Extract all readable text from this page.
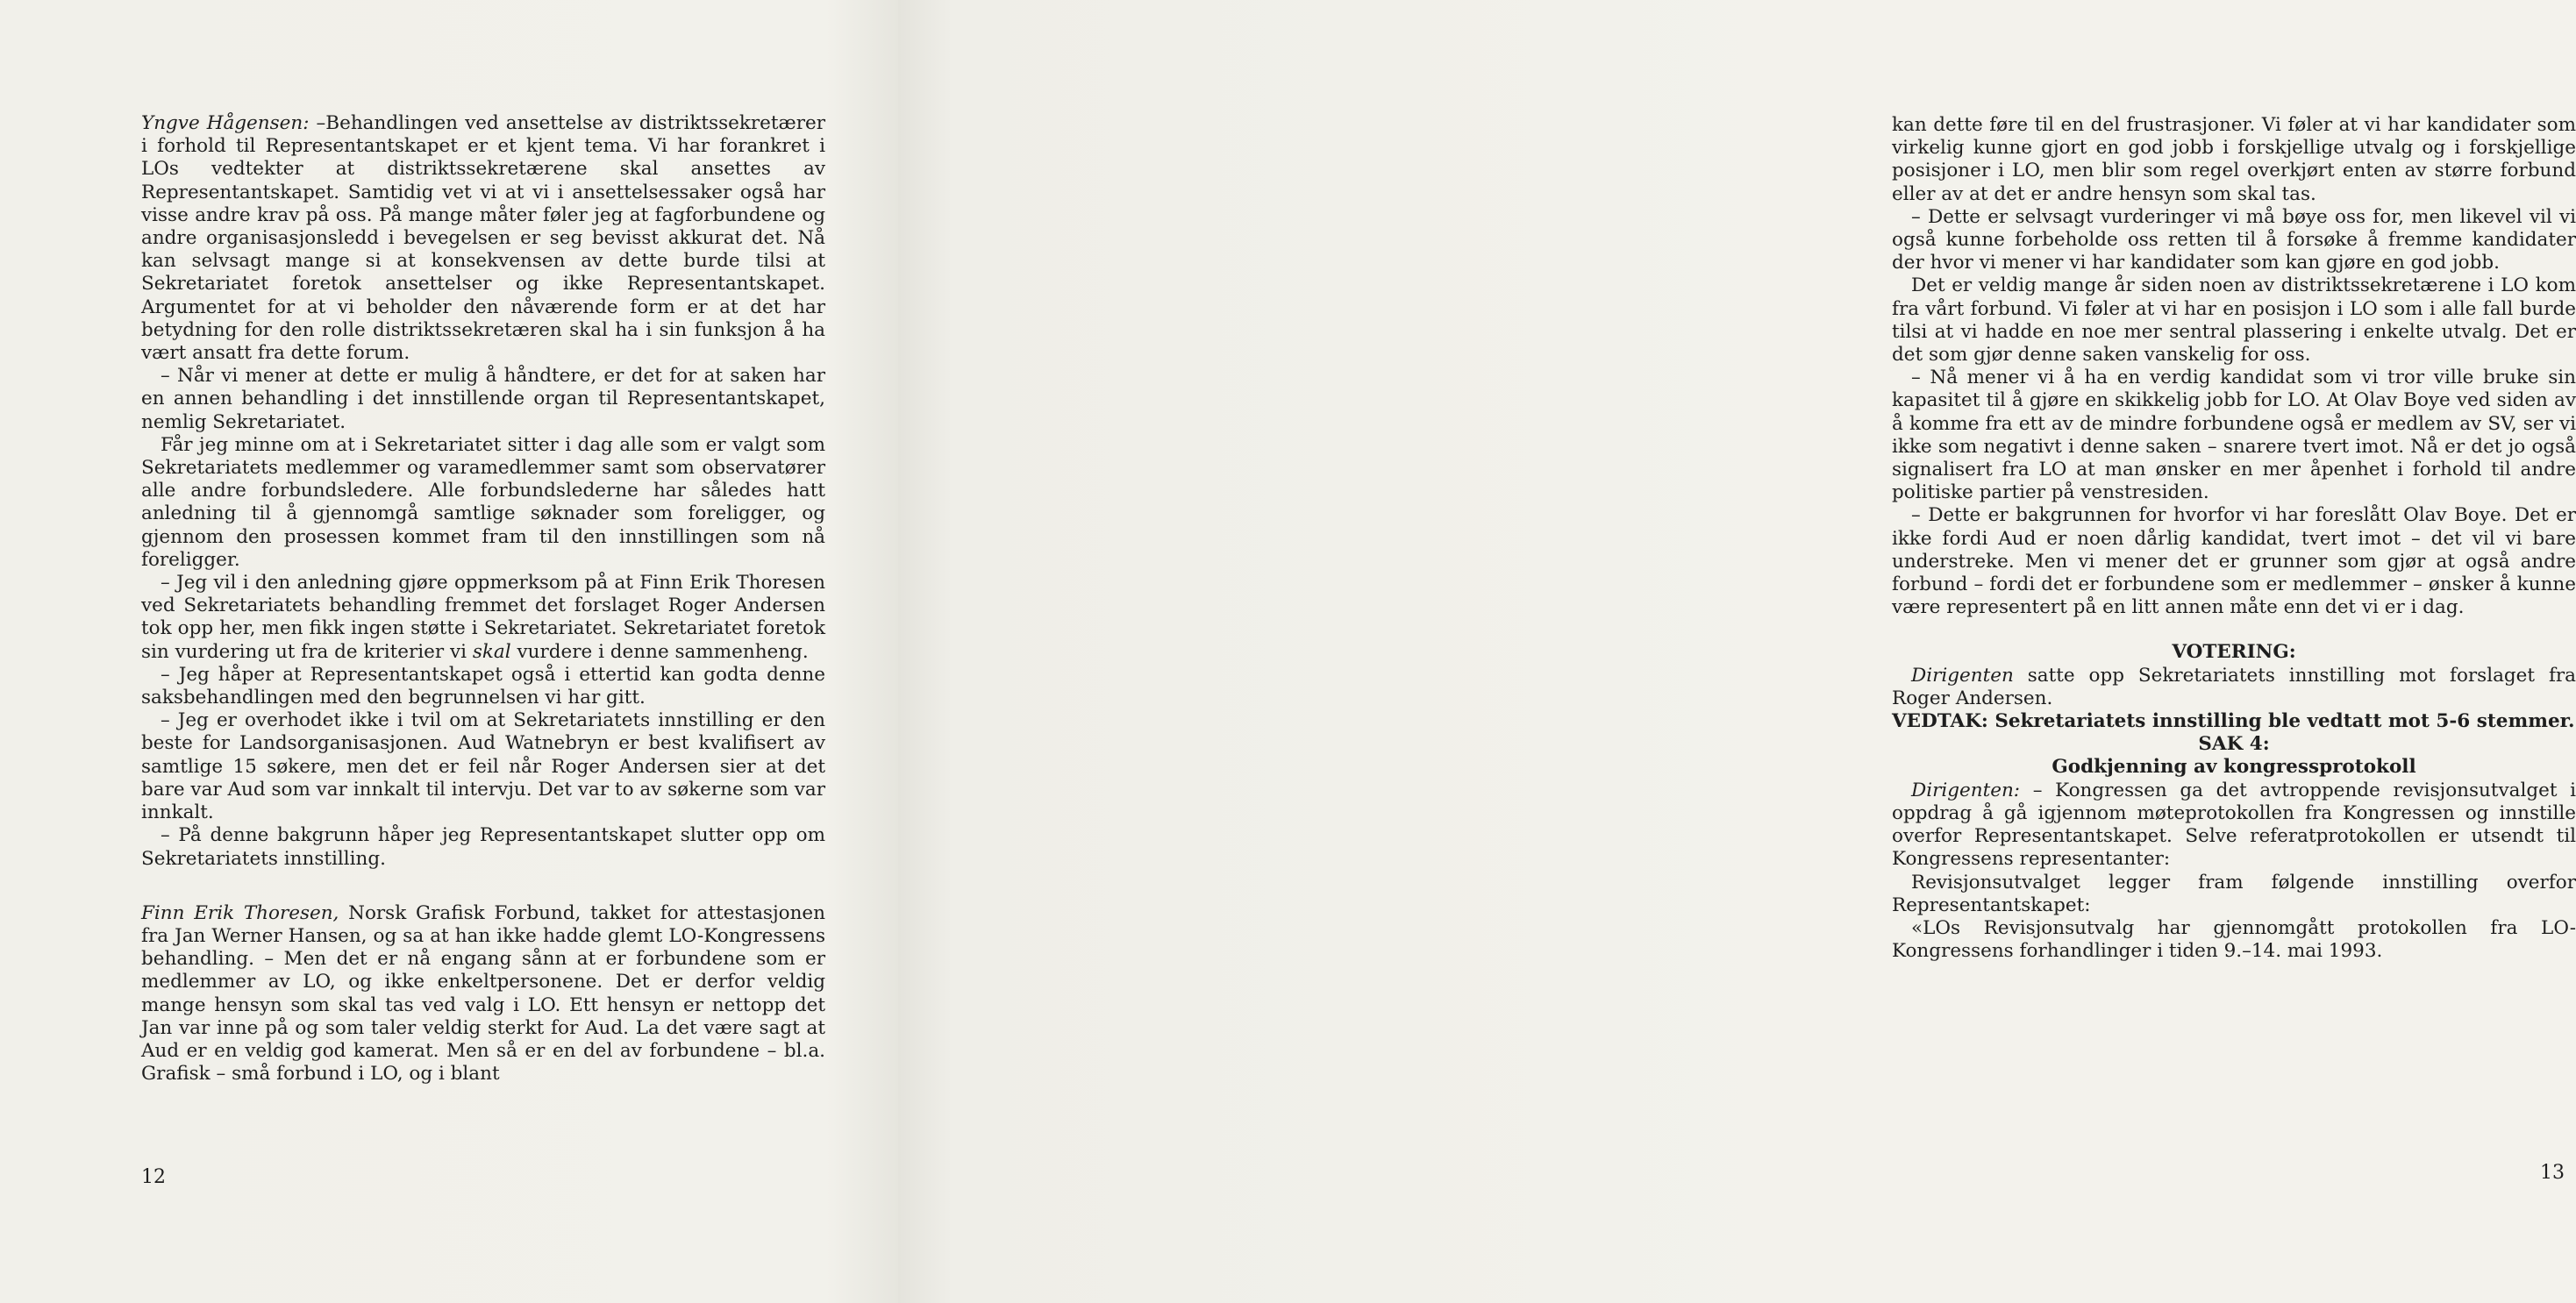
Yngve Hågensen: –Behandlingen ved ansettelse av distriktssekretærer i forhold til Representantskapet er et kjent tema. Vi har forankret i LOs vedtekter at distriktssekretærene skal ansettes av Representantskapet. Samtidig vet vi at vi i ansettelsessaker også har visse andre krav på oss. På mange måter føler jeg at fagforbundene og andre organisasjonsledd i bevegelsen er seg bevisst akkurat det. Nå kan selvsagt mange si at konsekvensen av dette burde tilsi at Sekretariatet foretok ansettelser og ikke Representantskapet. Argumentet for at vi beholder den nåværende form er at det har betydning for den rolle distriktssekretæren skal ha i sin funksjon å ha vært ansatt fra dette forum.

– Når vi mener at dette er mulig å håndtere, er det for at saken har en annen behandling i det innstillende organ til Representantskapet, nemlig Sekretariatet.

Får jeg minne om at i Sekretariatet sitter i dag alle som er valgt som Sekretariatets medlemmer og varamedlemmer samt som observatører alle andre forbundsledere. Alle forbundslederne har således hatt anledning til å gjennomgå samtlige søknader som foreligger, og gjennom den prosessen kommet fram til den innstillingen som nå foreligger.

– Jeg vil i den anledning gjøre oppmerksom på at Finn Erik Thoresen ved Sekretariatets behandling fremmet det forslaget Roger Andersen tok opp her, men fikk ingen støtte i Sekretariatet. Sekretariatet foretok sin vurdering ut fra de kriterier vi skal vurdere i denne sammenheng.

– Jeg håper at Representantskapet også i ettertid kan godta denne saksbehandlingen med den begrunnelsen vi har gitt.

– Jeg er overhodet ikke i tvil om at Sekretariatets innstilling er den beste for Landsorganisasjonen. Aud Watnebryn er best kvalifisert av samtlige 15 søkere, men det er feil når Roger Andersen sier at det bare var Aud som var innkalt til intervju. Det var to av søkerne som var innkalt.

– På denne bakgrunn håper jeg Representantskapet slutter opp om Sekretariatets innstilling.

Finn Erik Thoresen, Norsk Grafisk Forbund, takket for attestasjonen fra Jan Werner Hansen, og sa at han ikke hadde glemt LO-Kongressens behandling. – Men det er nå engang sånn at er forbundene som er medlemmer av LO, og ikke enkeltpersonene. Det er derfor veldig mange hensyn som skal tas ved valg i LO. Ett hensyn er nettopp det Jan var inne på og som taler veldig sterkt for Aud. La det være sagt at Aud er en veldig god kamerat. Men så er en del av forbundene – bl.a. Grafisk – små forbund i LO, og i blant

12

kan dette føre til en del frustrasjoner. Vi føler at vi har kandidater som virkelig kunne gjort en god jobb i forskjellige utvalg og i forskjellige posisjoner i LO, men blir som regel overkjørt enten av større forbund eller av at det er andre hensyn som skal tas.

– Dette er selvsagt vurderinger vi må bøye oss for, men likevel vil vi også kunne forbeholde oss retten til å forsøke å fremme kandidater der hvor vi mener vi har kandidater som kan gjøre en god jobb.

Det er veldig mange år siden noen av distriktssekretærene i LO kom fra vårt forbund. Vi føler at vi har en posisjon i LO som i alle fall burde tilsi at vi hadde en noe mer sentral plassering i enkelte utvalg. Det er det som gjør denne saken vanskelig for oss.

– Nå mener vi å ha en verdig kandidat som vi tror ville bruke sin kapasitet til å gjøre en skikkelig jobb for LO. At Olav Boye ved siden av å komme fra ett av de mindre forbundene også er medlem av SV, ser vi ikke som negativt i denne saken – snarere tvert imot. Nå er det jo også signalisert fra LO at man ønsker en mer åpenhet i forhold til andre politiske partier på venstresiden.

– Dette er bakgrunnen for hvorfor vi har foreslått Olav Boye. Det er ikke fordi Aud er noen dårlig kandidat, tvert imot – det vil vi bare understreke. Men vi mener det er grunner som gjør at også andre forbund – fordi det er forbundene som er medlemmer – ønsker å kunne være representert på en litt annen måte enn det vi er i dag.

VOTERING:

Dirigenten satte opp Sekretariatets innstilling mot forslaget fra Roger Andersen.

VEDTAK: Sekretariatets innstilling ble vedtatt mot 5-6 stemmer.

SAK 4:

Godkjenning av kongressprotokoll

Dirigenten: – Kongressen ga det avtroppende revisjonsutvalget i oppdrag å gå igjennom møteprotokollen fra Kongressen og innstille overfor Representantskapet. Selve referatprotokollen er utsendt til Kongressens representanter:

Revisjonsutvalget legger fram følgende innstilling overfor Representantskapet:

«LOs Revisjonsutvalg har gjennomgått protokollen fra LO-Kongressens forhandlinger i tiden 9.–14. mai 1993.

13
